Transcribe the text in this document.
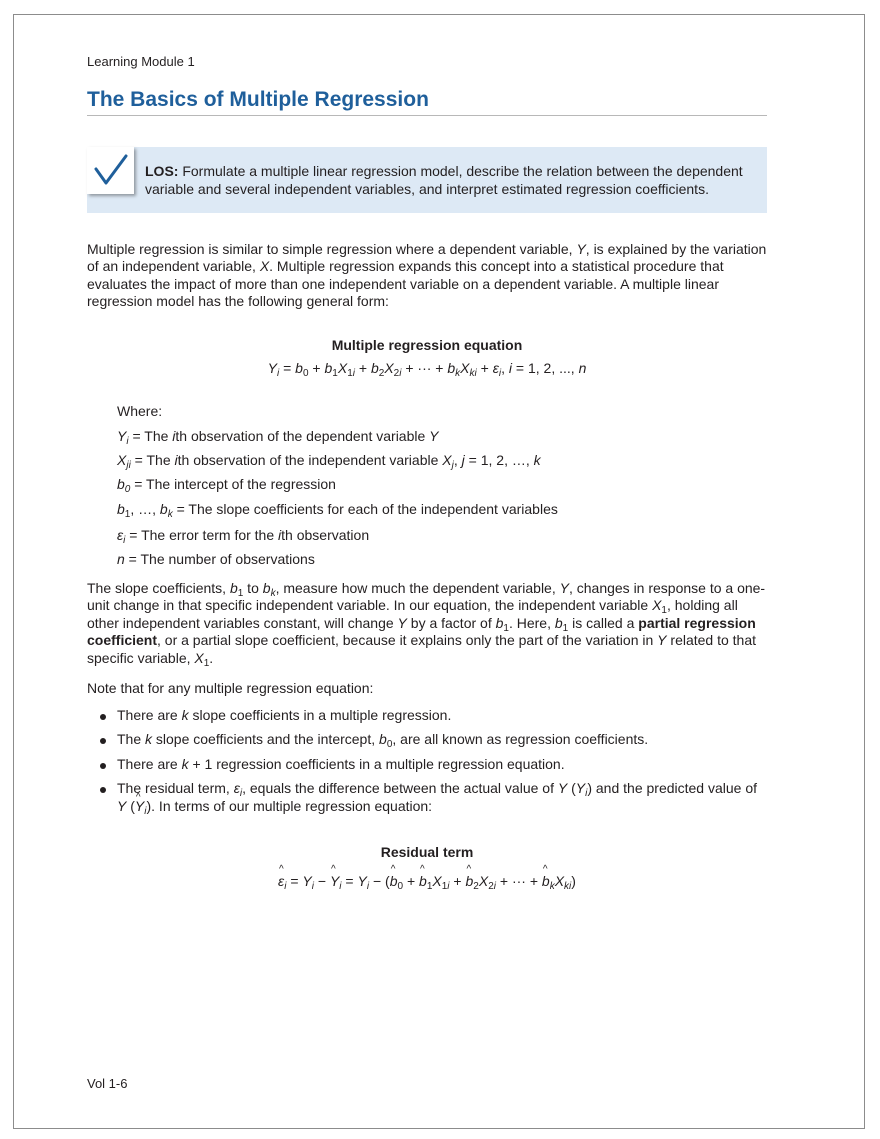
Learning Module 1
The Basics of Multiple Regression
LOS: Formulate a multiple linear regression model, describe the relation between the dependent variable and several independent variables, and interpret estimated regression coefficients.

Multiple regression is similar to simple regression where a dependent variable, Y, is explained by the variation of an independent variable, X. Multiple regression expands this concept into a statistical procedure that evaluates the impact of more than one independent variable on a dependent variable. A multiple linear regression model has the following general form:

Multiple regression equation
$Y_i = b_0 + b_1X_{1i} + b_2X_{2i}$ + ··· + $b_kX_{ki} + \varepsilon_i$, i = 1, 2, ..., n
Where:
$Y_i$ = The ith observation of the dependent variable Y
$X_{ji}$ = The ith observation of the independent variable $X_j$, j = 1, 2, …, k
$b_0$ = The intercept of the regression
$b_1$, …, $b_k$ = The slope coefficients for each of the independent variables
$\varepsilon_i$ = The error term for the ith observation
n = The number of observations

The slope coefficients, $b_1$ to $b_k$, measure how much the dependent variable, Y, changes in response to a one-unit change in that specific independent variable. In our equation, the independent variable $X_1$, holding all other independent variables constant, will change Y by a factor of $b_1$. Here, $b_1$ is called a partial regression coefficient, or a partial slope coefficient, because it explains only the part of the variation in Y related to that specific variable, $X_1$.

Note that for any multiple regression equation:

There are k slope coefficients in a multiple regression.
The k slope coefficients and the intercept, $b_0$, are all known as regression coefficients.
There are k + 1 regression coefficients in a multiple regression equation.
The residual term, $\varepsilon_i$, equals the difference between the actual value of Y $(Y_i)$ and the predicted value of Y (^ $Y_i$). In terms of our multiple regression equation:
Residual term
^ $\varepsilon_i = Y_i$ − ^ $Y_i = Y_i$ − (^ $b_0$ + ^ $b_1X_{1i}$ + ^ $b_2X_{2i}$ + ··· + ^ $b_kX_{ki}$)
Vol 1-6
